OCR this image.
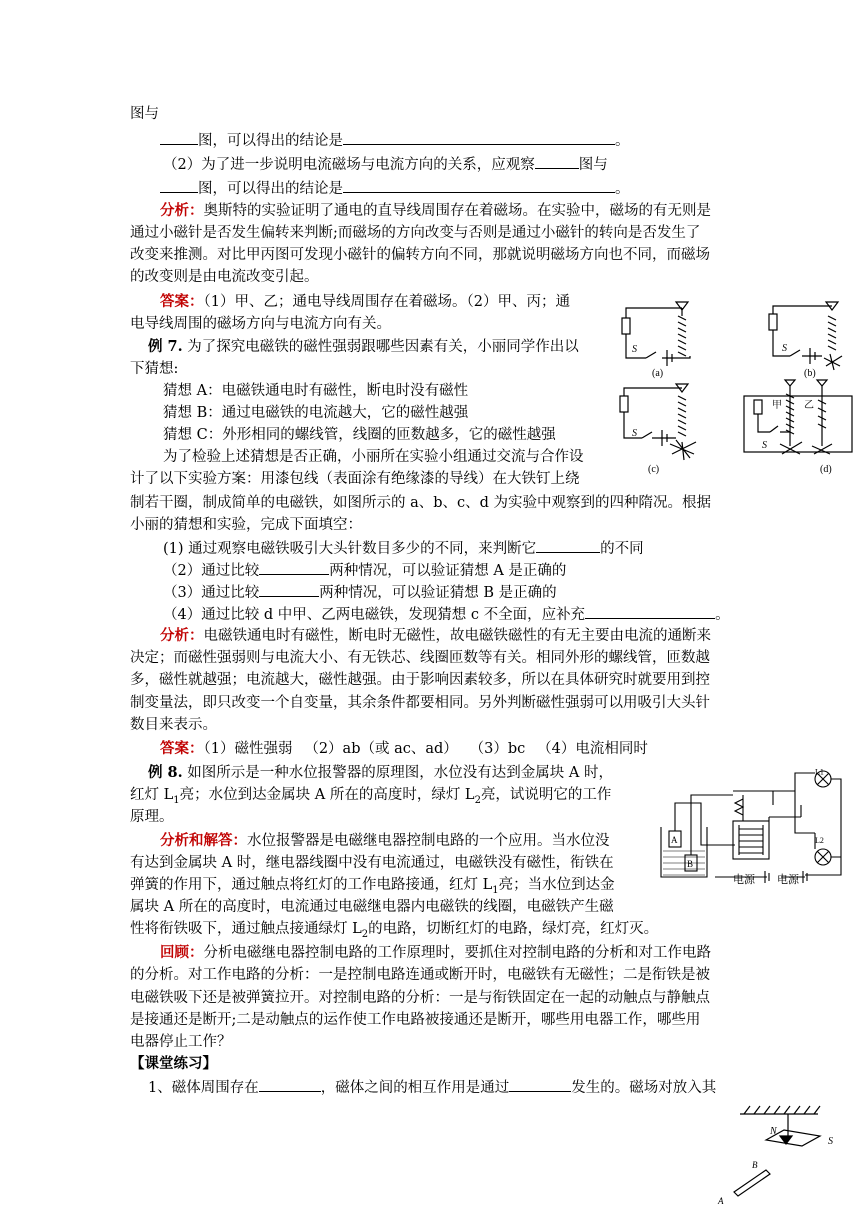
图与
图，可以得出的结论是	。
（2）为了进一步说明电流磁场与电流方向的关系，应观察	图与
图，可以得出的结论是	。
分析：奥斯特的实验证明了通电的直导线周围存在着磁场。在实验中，磁场的有无则是
通过小磁针是否发生偏转来判断;而磁场的方向改变与否则是通过小磁针的转向是否发生了
改变来推测。对比甲丙图可发现小磁针的偏转方向不同，那就说明磁场方向也不同，而磁场
的改变则是由电流改变引起。
答案：（1）甲、乙；通电导线周围存在着磁场。（2）甲、丙；通
电导线周围的磁场方向与电流方向有关。
例 7. 为了探究电磁铁的磁性强弱跟哪些因素有关，小丽同学作出以
下猜想:
猜想 A：电磁铁通电时有磁性，断电时没有磁性
猜想 B：通过电磁铁的电流越大，它的磁性越强
猜想 C：外形相同的螺线管，线圈的匝数越多，它的磁性越强
为了检验上述猜想是否正确，小丽所在实验小组通过交流与合作设
计了以下实验方案：用漆包线（表面涂有绝缘漆的导线）在大铁钉上绕
制若干圈，制成简单的电磁铁，如图所示的 a、b、c、d 为实验中观察到的四种隋况。根据
小丽的猜想和实验，完成下面填空：
(1) 通过观察电磁铁吸引大头针数目多少的不同，来判断它	的不同
（2）通过比较	两种情况，可以验证猜想 A 是正确的
（3）通过比较	两种情况，可以验证猜想 B 是正确的
（4）通过比较 d 中甲、乙两电磁铁，发现猜想 c 不全面，应补充	。
分析：电磁铁通电时有磁性，断电时无磁性，故电磁铁磁性的有无主要由电流的通断来
决定；而磁性强弱则与电流大小、有无铁芯、线圈匝数等有关。相同外形的螺线管，匝数越
多，磁性就越强；电流越大，磁性越强。由于影响因素较多，所以在具体研究时就要用到控
制变量法，即只改变一个自变量，其余条件都要相同。另外判断磁性强弱可以用吸引大头针
数目来表示。
答案：（1）磁性强弱 　（2）ab（或 ac、ad） 　（3）bc 　（4）电流相同时
(a)	(b)
(c)	(d)
S	S
S
S
甲 乙
例 8. 如图所示是一种水位报警器的原理图，水位没有达到金属块 A 时，
红灯 $L_1$亮；水位到达金属块 A 所在的高度时，绿灯 $L_2$亮，试说明它的工作
原理。
分析和解答：水位报警器是电磁继电器控制电路的一个应用。当水位没
有达到金属块 A 时，继电器线圈中没有电流通过，电磁铁没有磁性，衔铁在
弹簧的作用下，通过触点将红灯的工作电路接通，红灯 $L_1$亮；当水位到达金
属块 A 所在的高度时，电流通过电磁继电器内电磁铁的线圈，电磁铁产生磁
性将衔铁吸下，通过触点接通绿灯 $L_2$的电路，切断红灯的电路，绿灯亮，红灯灭。
回顾：分析电磁继电器控制电路的工作原理时，要抓住对控制电路的分析和对工作电路
的分析。对工作电路的分析：一是控制电路连通或断开时，电磁铁有无磁性；二是衔铁是被
电磁铁吸下还是被弹簧拉开。对控制电路的分析：一是与衔铁固定在一起的动触点与静触点
是接通还是断开;二是动触点的运作使工作电路被接通还是断开，哪些用电器工作，哪些用
电器停止工作？
A
B
L1
L2
电源 电源
【课堂练习】
1、磁体周围存在	，磁体之间的相互作用是通过	发生的。磁场对放入其
N
S
A
B
